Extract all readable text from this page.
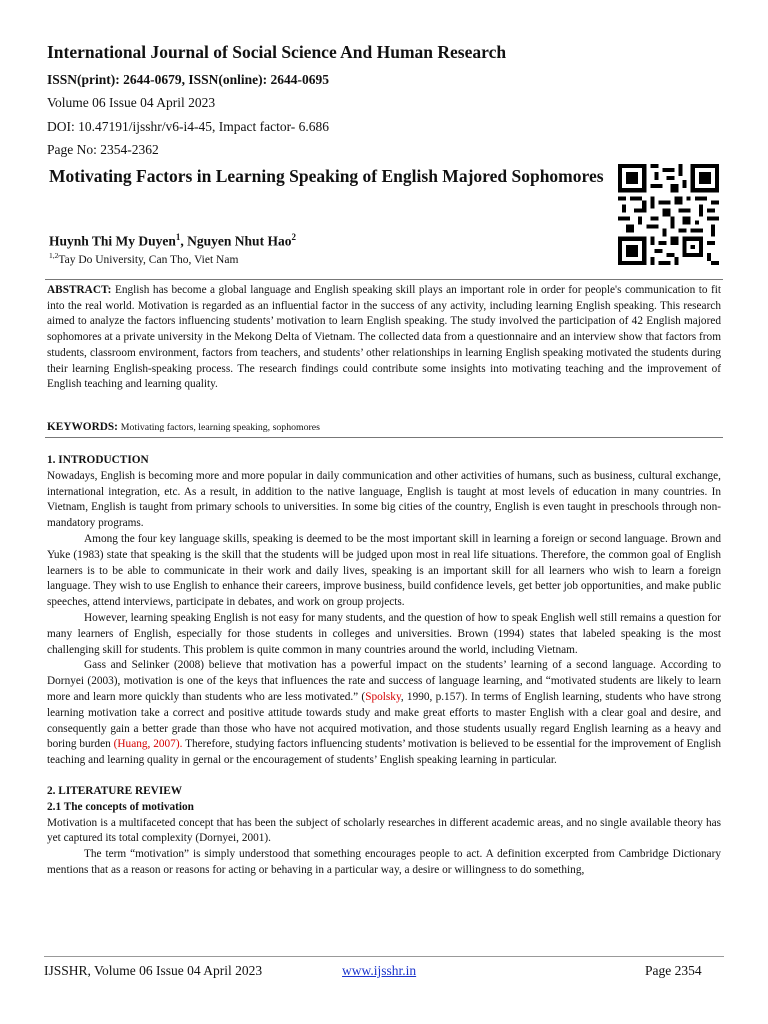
International Journal of Social Science And Human Research
ISSN(print): 2644-0679, ISSN(online): 2644-0695
Volume 06 Issue 04 April 2023
DOI: 10.47191/ijsshr/v6-i4-45, Impact factor- 6.686
Page No: 2354-2362
Motivating Factors in Learning Speaking of English Majored Sophomores
Huynh Thi My Duyen$^1$, Nguyen Nhut Hao$^2$
$^{1,2}$Tay Do University, Can Tho, Viet Nam
ABSTRACT: English has become a global language and English speaking skill plays an important role in order for people's communication to fit into the real world. Motivation is regarded as an influential factor in the success of any activity, including learning English speaking. This research aimed to analyze the factors influencing students’ motivation to learn English speaking. The study involved the participation of 42 English majored sophomores at a private university in the Mekong Delta of Vietnam. The collected data from a questionnaire and an interview show that factors from students, classroom environment, factors from teachers, and students’ other relationships in learning English speaking motivated the students during their learning English-speaking process. The research findings could contribute some insights into motivating teaching and the improvement of English teaching and learning quality.
KEYWORDS: Motivating factors, learning speaking, sophomores
1. INTRODUCTION

Nowadays, English is becoming more and more popular in daily communication and other activities of humans, such as business, cultural exchange, international integration, etc. As a result, in addition to the native language, English is taught at most levels of education in many countries. In Vietnam, English is taught from primary schools to universities. In some big cities of the country, English is even taught in preschools through non-mandatory programs.

Among the four key language skills, speaking is deemed to be the most important skill in learning a foreign or second language. Brown and Yuke (1983) state that speaking is the skill that the students will be judged upon most in real life situations. Therefore, the common goal of English learners is to be able to communicate in their work and daily lives, speaking is an important skill for all learners who wish to learn a foreign language. They wish to use English to enhance their careers, improve business, build confidence levels, get better job opportunities, and make public speeches, attend interviews, participate in debates, and work on group projects.

However, learning speaking English is not easy for many students, and the question of how to speak English well still remains a question for many learners of English, especially for those students in colleges and universities. Brown (1994) states that labeled speaking is the most challenging skill for students. This problem is quite common in many countries around the world, including Vietnam.

Gass and Selinker (2008) believe that motivation has a powerful impact on the students’ learning of a second language. According to Dornyei (2003), motivation is one of the keys that influences the rate and success of language learning, and “motivated students are likely to learn more and learn more quickly than students who are less motivated.” (Spolsky, 1990, p.157). In terms of English learning, students who have strong learning motivation take a correct and positive attitude towards study and make great efforts to master English with a clear goal and desire, and consequently gain a better grade than those who have not acquired motivation, and those students usually regard English learning as a heavy and boring burden (Huang, 2007). Therefore, studying factors influencing students’ motivation is believed to be essential for the improvement of English teaching and learning quality in gernal or the encouragement of students’ English speaking learning in particular.

2. LITERATURE REVIEW
2.1 The concepts of motivation

Motivation is a multifaceted concept that has been the subject of scholarly researches in different academic areas, and no single available theory has yet captured its total complexity (Dornyei, 2001).

The term “motivation” is simply understood that something encourages people to act. A definition excerpted from Cambridge Dictionary mentions that as a reason or reasons for acting or behaving in a particular way, a desire or willingness to do something,

IJSSHR, Volume 06 Issue 04 April 2023	www.ijsshr.in	Page 2354
